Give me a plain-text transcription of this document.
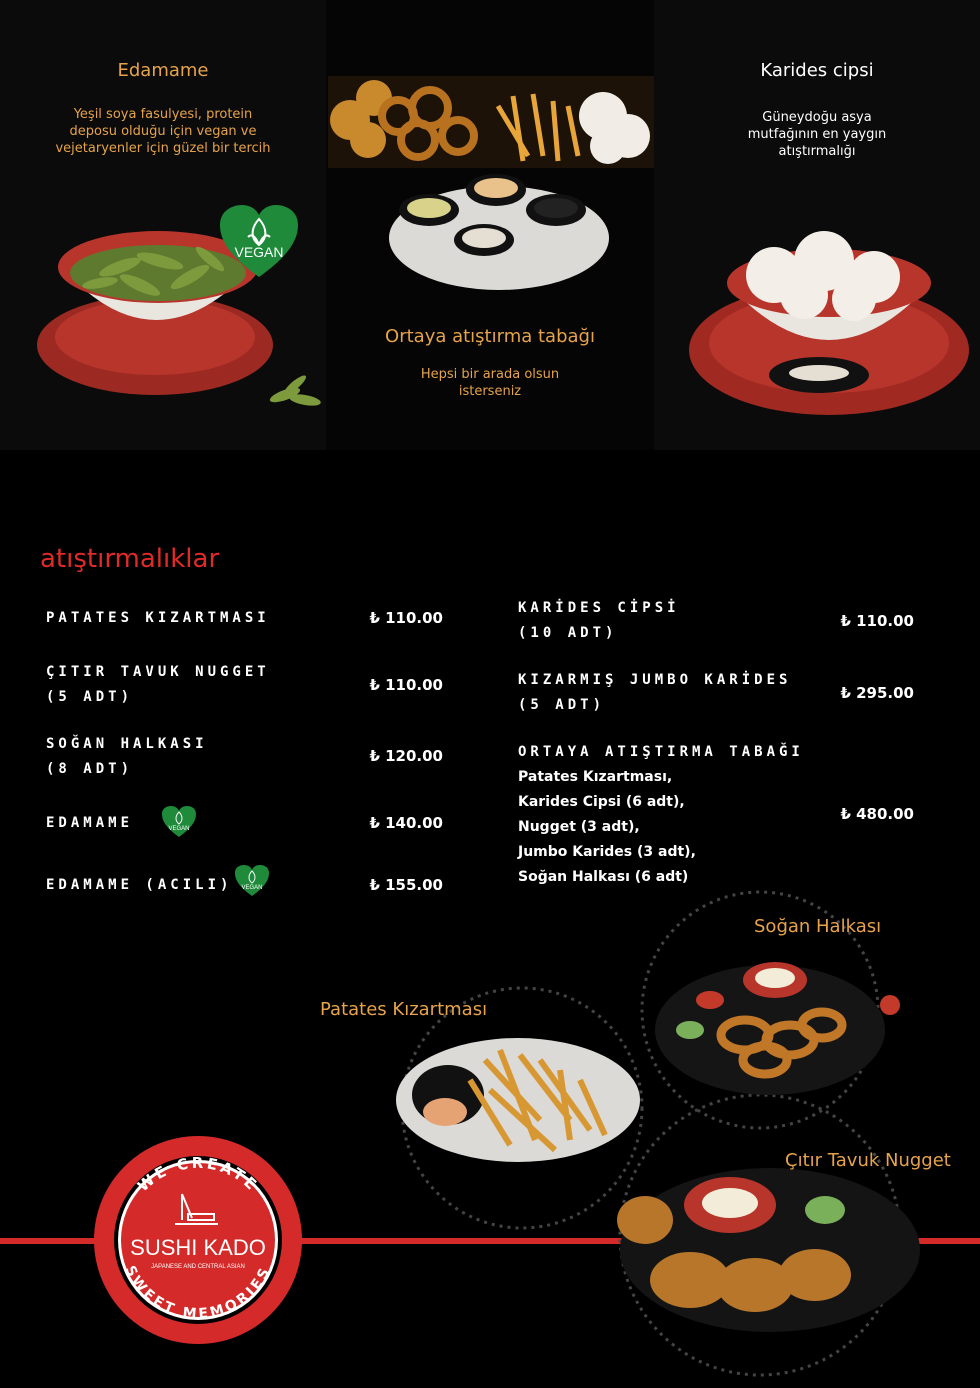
Edamame
Yeşil soya fasulyesi, protein
deposu olduğu için vegan ve
vejetaryenler için güzel bir tercih
VEGAN
Ortaya atıştırma tabağı
Hepsi bir arada olsun
isterseniz
Karides cipsi
Güneydoğu asya
mutfağının en yaygın
atıştırmalığı
atıştırmalıklar
PATATES KIZARTMASI	₺ 110.00
ÇITIR TAVUK NUGGET
(5 ADT)
₺ 110.00
SOĞAN HALKASI
(8 ADT)
₺ 120.00
EDAMAME	VEGAN	₺ 140.00
EDAMAME (ACILI) VEGAN	₺ 155.00
KARİDES CİPSİ
(10 ADT)
₺ 110.00
KIZARMIŞ JUMBO KARİDES
(5 ADT)
₺ 295.00
ORTAYA ATIŞTIRMA TABAĞI
Patates Kızartması,
Karides Cipsi (6 adt),
Nugget (3 adt),
Jumbo Karides (3 adt),
Soğan Halkası (6 adt)
₺ 480.00
Soğan Halkası
Patates Kızartması
Çıtır Tavuk Nugget
WE CREATE
SWEET MEMORIES
SUSHI KADO
JAPANESE AND CENTRAL ASIAN
